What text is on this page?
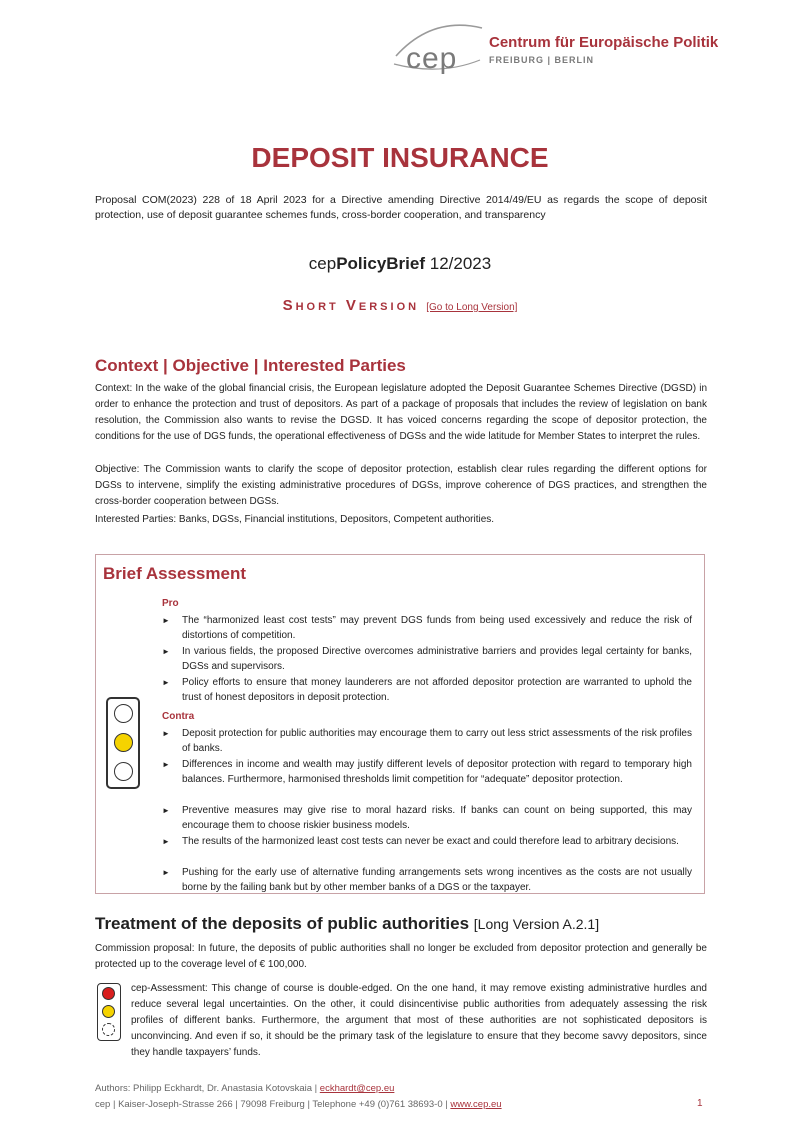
cep Centrum für Europäische Politik
FREIBURG | BERLIN
DEPOSIT INSURANCE
Proposal COM(2023) 228 of 18 April 2023 for a Directive amending Directive 2014/49/EU as regards the scope of deposit protection, use of deposit guarantee schemes funds, cross-border cooperation, and transparency
cepPolicyBrief 12/2023
Short Version [Go to Long Version]
Context | Objective | Interested Parties
Context: In the wake of the global financial crisis, the European legislature adopted the Deposit Guarantee Schemes Directive (DGSD) in order to enhance the protection and trust of depositors. As part of a package of proposals that includes the review of legislation on bank resolution, the Commission also wants to revise the DGSD. It has voiced concerns regarding the scope of depositor protection, the conditions for the use of DGS funds, the operational effectiveness of DGSs and the wide latitude for Member States to interpret the rules.
Objective: The Commission wants to clarify the scope of depositor protection, establish clear rules regarding the different options for DGSs to intervene, simplify the existing administrative procedures of DGSs, improve coherence of DGS practices, and strengthen the cross-border cooperation between DGSs.
Interested Parties: Banks, DGSs, Financial institutions, Depositors, Competent authorities.
Brief Assessment
Pro
► The “harmonized least cost tests” may prevent DGS funds from being used excessively and reduce the risk of distortions of competition.
► In various fields, the proposed Directive overcomes administrative barriers and provides legal certainty for banks, DGSs and supervisors.
► Policy efforts to ensure that money launderers are not afforded depositor protection are warranted to uphold the trust of honest depositors in deposit protection.
Contra
► Deposit protection for public authorities may encourage them to carry out less strict assessments of the risk profiles of banks.
► Differences in income and wealth may justify different levels of depositor protection with regard to temporary high balances. Furthermore, harmonised thresholds limit competition for “adequate” depositor protection.
► Preventive measures may give rise to moral hazard risks. If banks can count on being supported, this may encourage them to choose riskier business models.
► The results of the harmonized least cost tests can never be exact and could therefore lead to arbitrary decisions.
► Pushing for the early use of alternative funding arrangements sets wrong incentives as the costs are not usually borne by the failing bank but by other member banks of a DGS or the taxpayer.
Treatment of the deposits of public authorities [Long Version A.2.1]
Commission proposal: In future, the deposits of public authorities shall no longer be excluded from depositor protection and generally be protected up to the coverage level of € 100,000.
cep-Assessment: This change of course is double-edged. On the one hand, it may remove existing administrative hurdles and reduce several legal uncertainties. On the other, it could disincentivise public authorities from adequately assessing the risk profiles of different banks. Furthermore, the argument that most of these authorities are not sophisticated depositors is unconvincing. And even if so, it should be the primary task of the legislature to ensure that they become savvy depositors, since they handle taxpayers’ funds.
Authors: Philipp Eckhardt, Dr. Anastasia Kotovskaia | eckhardt@cep.eu
cep | Kaiser-Joseph-Strasse 266 | 79098 Freiburg | Telephone +49 (0)761 38693-0 | www.cep.eu	1
